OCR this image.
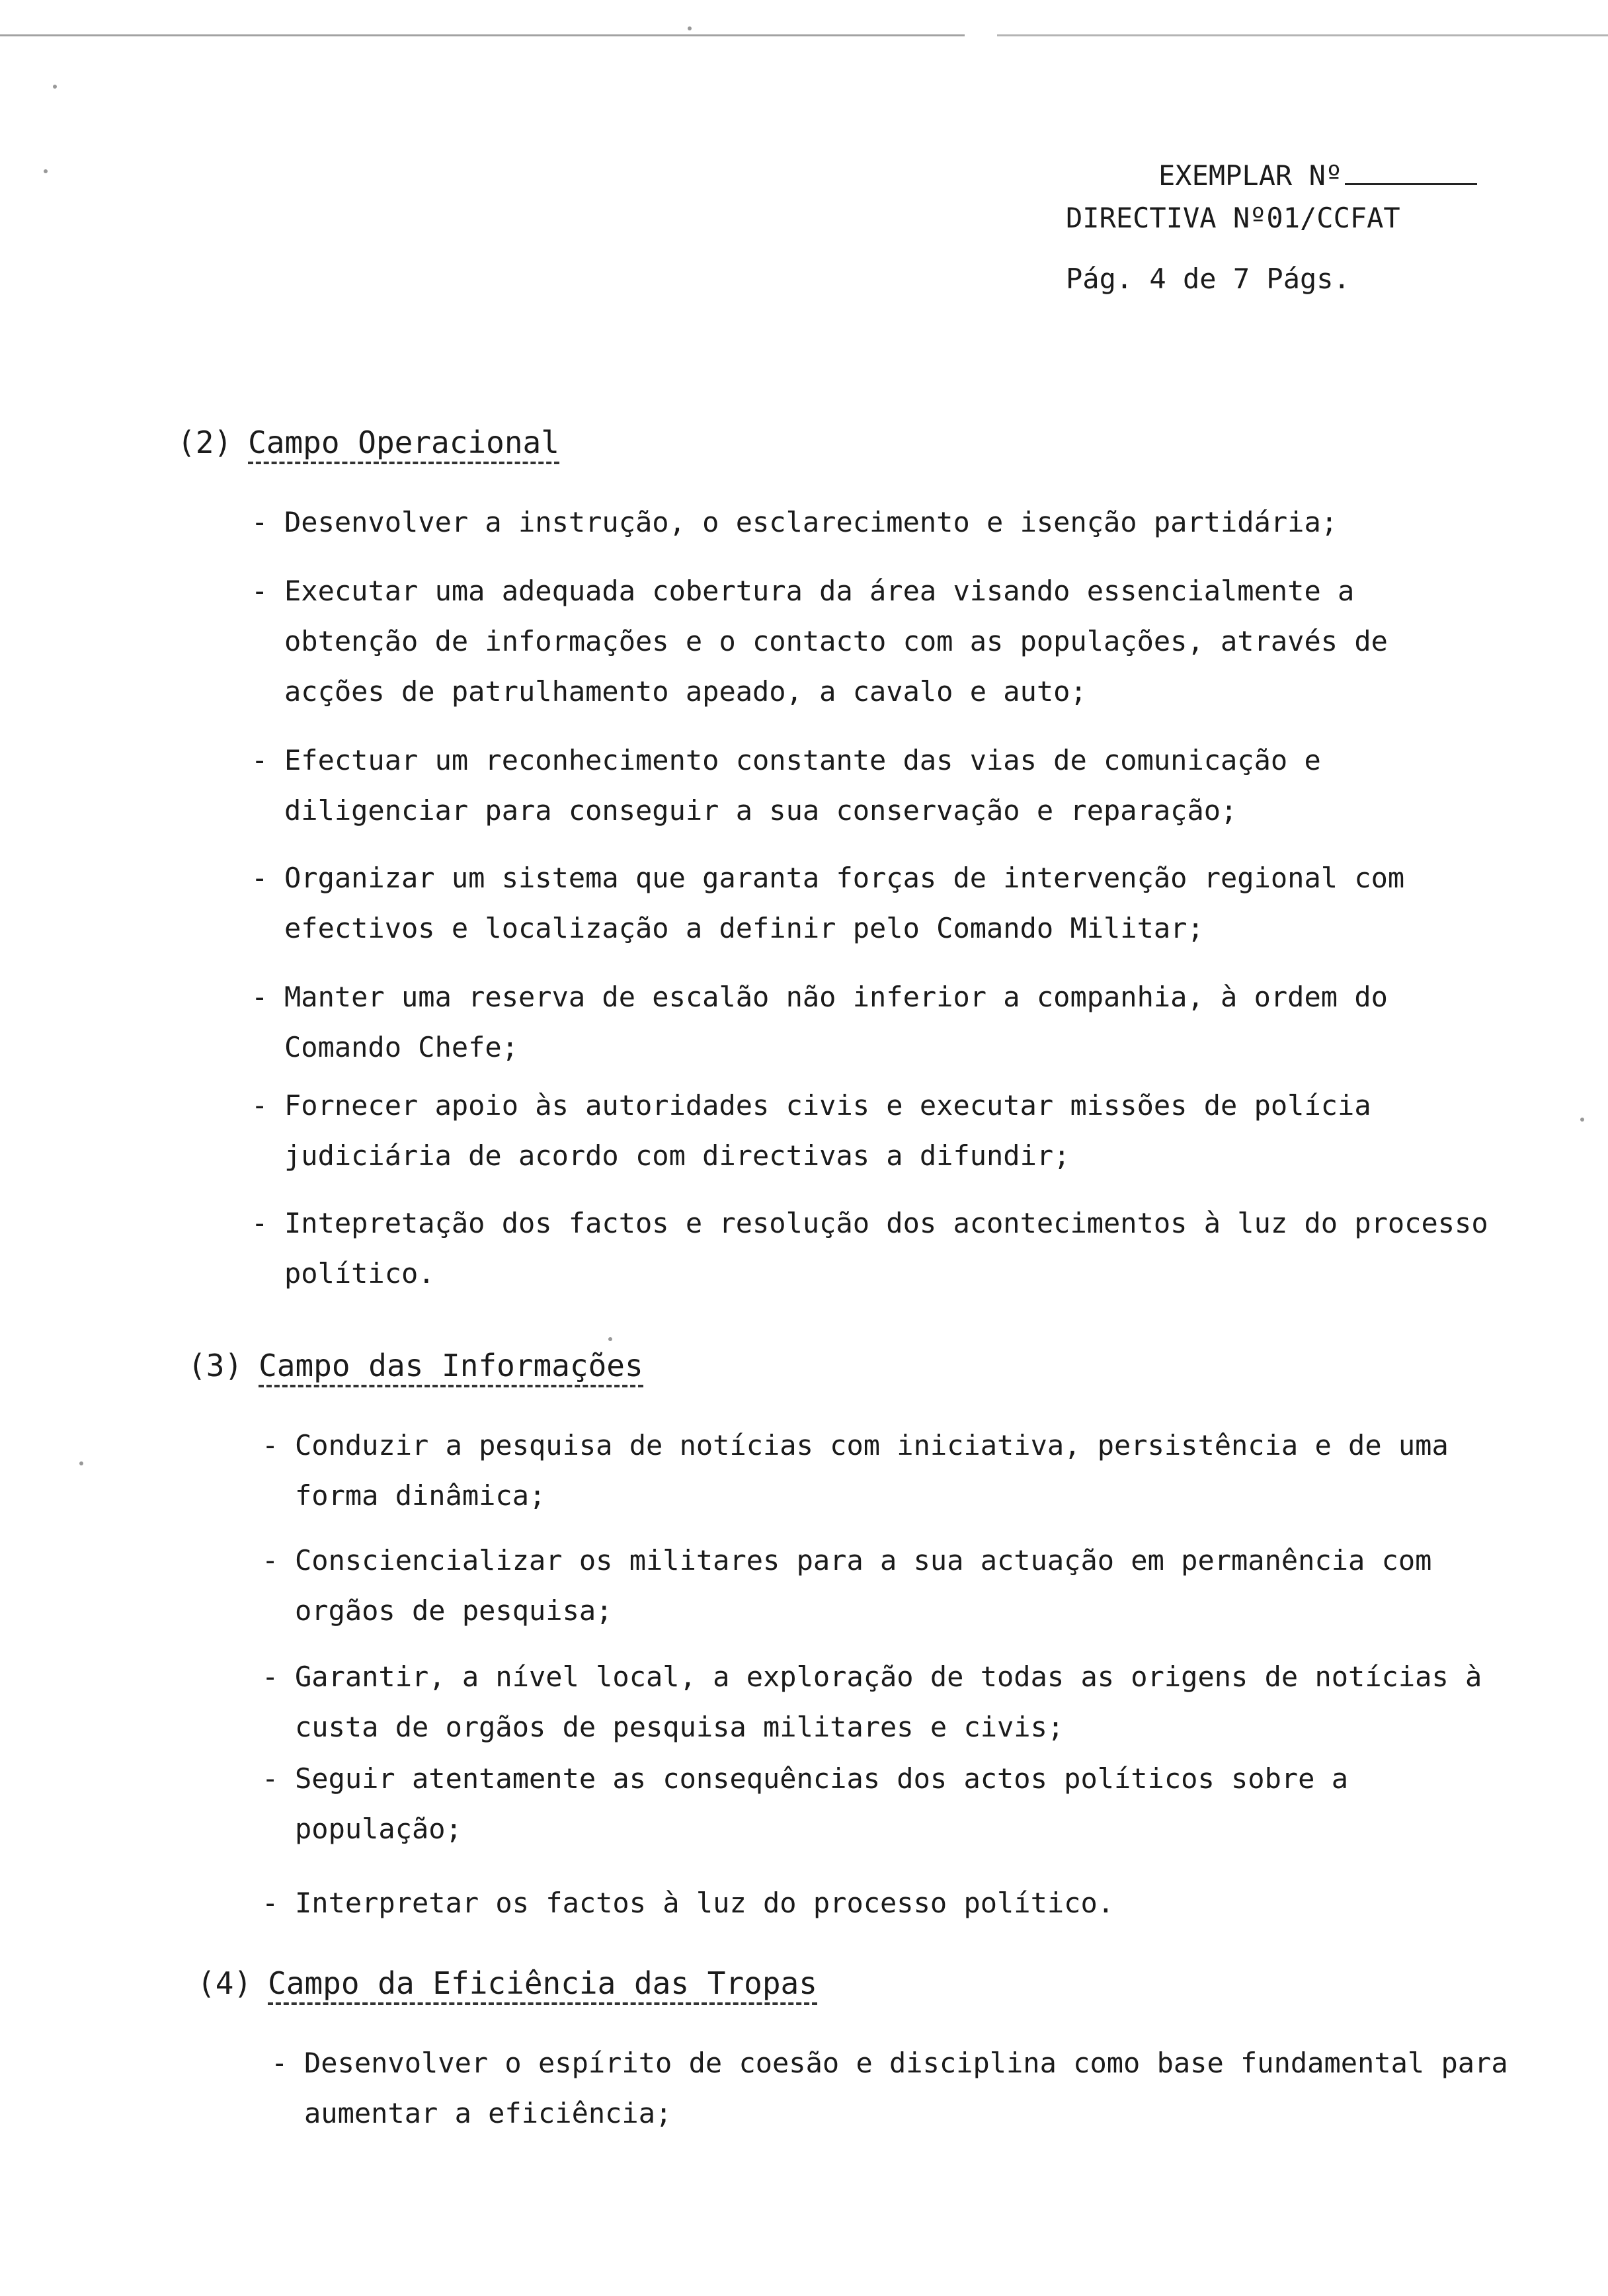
EXEMPLAR Nº
DIRECTIVA Nº01/CCFAT
Pág. 4 de 7 Págs.
(2) Campo Operacional
- Desenvolver a instrução, o esclarecimento e isenção partidária;
- Executar uma adequada cobertura da área visando essencialmente a obtenção de informações e o contacto com as populações, através de acções de patrulhamento apeado, a cavalo e auto;
- Efectuar um reconhecimento constante das vias de comunicação e diligenciar para conseguir a sua conservação e reparação;
- Organizar um sistema que garanta forças de intervenção regional com efectivos e localização a definir pelo Comando Militar;
- Manter uma reserva de escalão não inferior a companhia, à ordem do Comando Chefe;
- Fornecer apoio às autoridades civis e executar missões de polícia judiciária de acordo com directivas a difundir;
- Intepretação dos factos e resolução dos acontecimentos à luz do processo político.
(3) Campo das Informações
- Conduzir a pesquisa de notícias com iniciativa, persistência e de uma forma dinâmica;
- Consciencializar os militares para a sua actuação em permanência com orgãos de pesquisa;
- Garantir, a nível local, a exploração de todas as origens de notícias à custa de orgãos de pesquisa militares e civis;
- Seguir atentamente as consequências dos actos políticos sobre a população;
- Interpretar os factos à luz do processo político.
(4) Campo da Eficiência das Tropas
- Desenvolver o espírito de coesão e disciplina como base fundamental para aumentar a eficiência;
